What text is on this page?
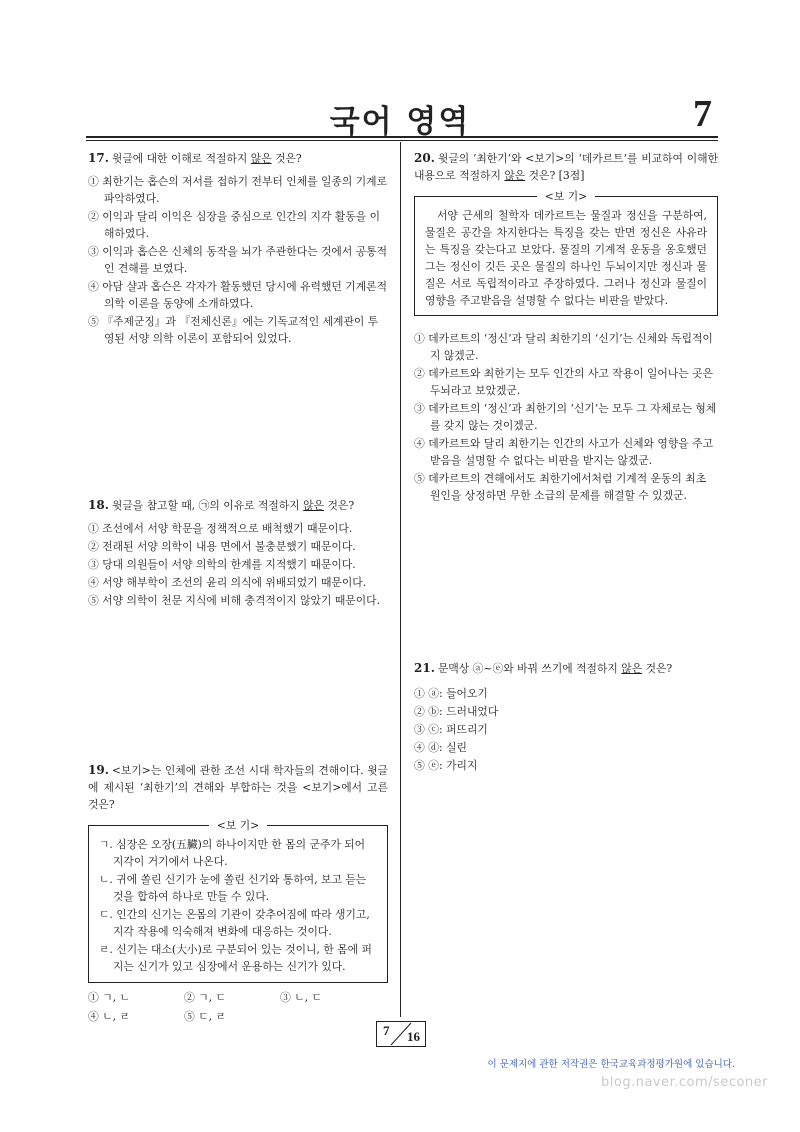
국어 영역	7
17. 윗글에 대한 이해로 적절하지 않은 것은?
① 최한기는 홉슨의 저서를 접하기 전부터 인체를 일종의 기계로 파악하였다.
② 이익과 달리 이익은 심장을 중심으로 인간의 지각 활동을 이해하였다.
③ 이익과 홉슨은 신체의 동작을 뇌가 주관한다는 것에서 공통적인 견해를 보였다.
④ 아담 샬과 홉슨은 각자가 활동했던 당시에 유력했던 기계론적 의학 이론을 동양에 소개하였다.
⑤ 『주제군징』과 『전체신론』에는 기독교적인 세계관이 투영된 서양 의학 이론이 포함되어 있었다.
18. 윗글을 참고할 때, ㉠의 이유로 적절하지 않은 것은?
① 조선에서 서양 학문을 정책적으로 배척했기 때문이다.
② 전래된 서양 의학이 내용 면에서 불충분했기 때문이다.
③ 당대 의원들이 서양 의학의 한계를 지적했기 때문이다.
④ 서양 해부학이 조선의 윤리 의식에 위배되었기 때문이다.
⑤ 서양 의학이 천문 지식에 비해 충격적이지 않았기 때문이다.
19. <보기>는 인체에 관한 조선 시대 학자들의 견해이다. 윗글에 제시된 ‘최한기’의 견해와 부합하는 것을 <보기>에서 고른 것은?
<보 기>
ㄱ. 심장은 오장(五臟)의 하나이지만 한 몸의 군주가 되어 지각이 거기에서 나온다.
ㄴ. 귀에 쏠린 신기가 눈에 쏠린 신기와 통하여, 보고 듣는 것을 합하여 하나로 만들 수 있다.
ㄷ. 인간의 신기는 온몸의 기관이 갖추어짐에 따라 생기고, 지각 작용에 익숙해져 변화에 대응하는 것이다.
ㄹ. 신기는 대소(大小)로 구분되어 있는 것이니, 한 몸에 퍼지는 신기가 있고 심장에서 운용하는 신기가 있다.
① ㄱ, ㄴ	② ㄱ, ㄷ	③ ㄴ, ㄷ
④ ㄴ, ㄹ	⑤ ㄷ, ㄹ
20. 윗글의 ‘최한기’와 <보기>의 ‘데카르트’를 비교하여 이해한 내용으로 적절하지 않은 것은? [3점]
<보 기>
서양 근세의 철학자 데카르트는 물질과 정신을 구분하여, 물질은 공간을 차지한다는 특징을 갖는 반면 정신은 사유라는 특징을 갖는다고 보았다. 물질의 기계적 운동을 옹호했던 그는 정신이 깃든 곳은 물질의 하나인 두뇌이지만 정신과 물질은 서로 독립적이라고 주장하였다. 그러나 정신과 물질이 영향을 주고받음을 설명할 수 없다는 비판을 받았다.
① 데카르트의 ‘정신’과 달리 최한기의 ‘신기’는 신체와 독립적이지 않겠군.
② 데카르트와 최한기는 모두 인간의 사고 작용이 일어나는 곳은 두뇌라고 보았겠군.
③ 데카르트의 ‘정신’과 최한기의 ‘신기’는 모두 그 자체로는 형체를 갖지 않는 것이겠군.
④ 데카르트와 달리 최한기는 인간의 사고가 신체와 영향을 주고받음을 설명할 수 없다는 비판을 받지는 않겠군.
⑤ 데카르트의 견해에서도 최한기에서처럼 기계적 운동의 최초 원인을 상정하면 무한 소급의 문제를 해결할 수 있겠군.
21. 문맥상 ⓐ~ⓔ와 바꿔 쓰기에 적절하지 않은 것은?
① ⓐ: 들어오기
② ⓑ: 드러내었다
③ ⓒ: 퍼뜨리기
④ ⓓ: 실린
⑤ ⓔ: 가리지
7 16
이 문제지에 관한 저작권은 한국교육과정평가원에 있습니다.
blog.naver.com/seconer
